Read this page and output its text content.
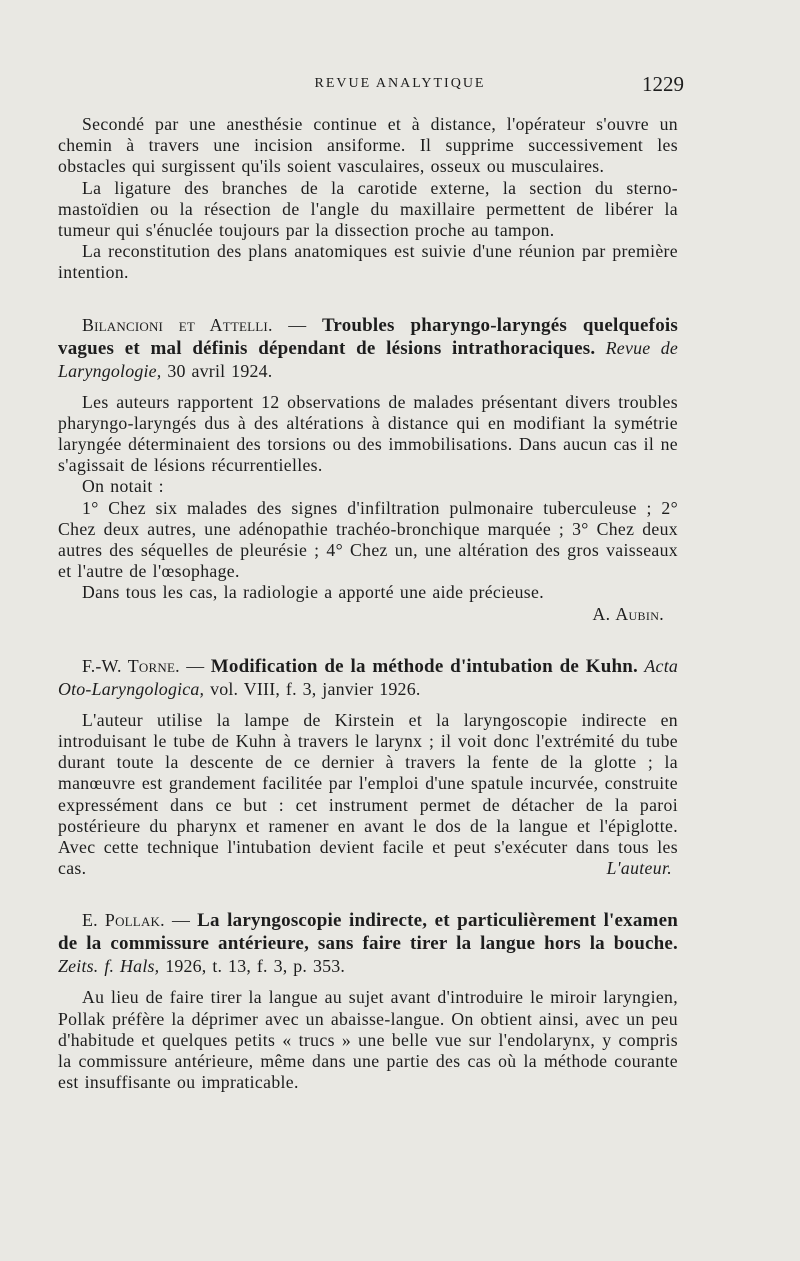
REVUE ANALYTIQUE	1229

Secondé par une anesthésie continue et à distance, l'opérateur s'ouvre un chemin à travers une incision ansiforme. Il supprime successivement les obstacles qui surgissent qu'ils soient vasculaires, osseux ou musculaires.

La ligature des branches de la carotide externe, la section du sterno-mastoïdien ou la résection de l'angle du maxillaire permettent de libérer la tumeur qui s'énuclée toujours par la dissection proche au tampon.

La reconstitution des plans anatomiques est suivie d'une réunion par première intention.

Bilancioni et Attelli. — Troubles pharyngo-laryngés quelquefois vagues et mal définis dépendant de lésions intrathoraciques. Revue de Laryngologie, 30 avril 1924.

Les auteurs rapportent 12 observations de malades présentant divers troubles pharyngo-laryngés dus à des altérations à distance qui en modifiant la symétrie laryngée déterminaient des torsions ou des immobilisations. Dans aucun cas il ne s'agissait de lésions récurrentielles.

On notait :

1° Chez six malades des signes d'infiltration pulmonaire tuberculeuse ; 2° Chez deux autres, une adénopathie trachéo-bronchique marquée ; 3° Chez deux autres des séquelles de pleurésie ; 4° Chez un, une altération des gros vaisseaux et l'autre de l'œsophage.

Dans tous les cas, la radiologie a apporté une aide précieuse.

A. Aubin.

F.-W. Torne. — Modification de la méthode d'intubation de Kuhn. Acta Oto-Laryngologica, vol. VIII, f. 3, janvier 1926.

L'auteur utilise la lampe de Kirstein et la laryngoscopie indirecte en introduisant le tube de Kuhn à travers le larynx ; il voit donc l'extrémité du tube durant toute la descente de ce dernier à travers la fente de la glotte ; la manœuvre est grandement facilitée par l'emploi d'une spatule incurvée, construite expressément dans ce but : cet instrument permet de détacher de la paroi postérieure du pharynx et ramener en avant le dos de la langue et l'épiglotte. Avec cette technique l'intubation devient facile et peut s'exécuter dans tous les cas.	L'auteur.

E. Pollak. — La laryngoscopie indirecte, et particulièrement l'examen de la commissure antérieure, sans faire tirer la langue hors la bouche. Zeits. f. Hals, 1926, t. 13, f. 3, p. 353.

Au lieu de faire tirer la langue au sujet avant d'introduire le miroir laryngien, Pollak préfère la déprimer avec un abaisse-langue. On obtient ainsi, avec un peu d'habitude et quelques petits « trucs » une belle vue sur l'endolarynx, y compris la commissure antérieure, même dans une partie des cas où la méthode courante est insuffisante ou impraticable.
